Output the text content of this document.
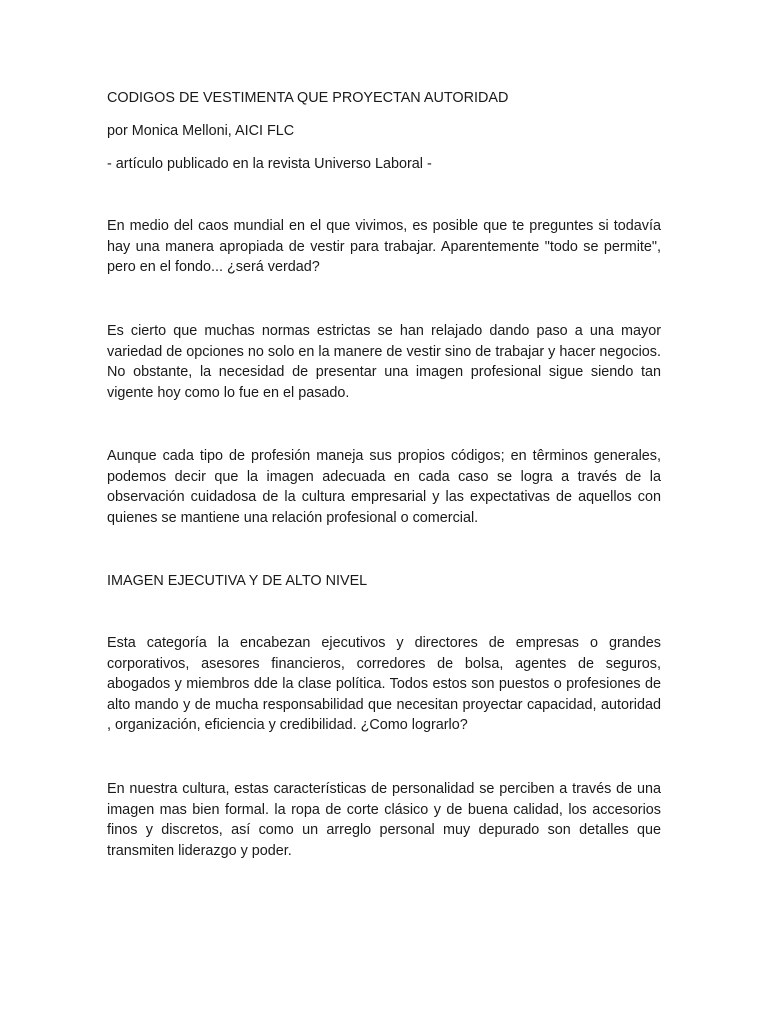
CODIGOS DE VESTIMENTA QUE PROYECTAN AUTORIDAD
por Monica Melloni, AICI FLC
- artículo publicado en la revista Universo Laboral -
En medio del caos mundial en el que vivimos, es posible que te preguntes si todavía hay una manera apropiada de vestir para trabajar. Aparentemente "todo se permite", pero en el fondo... ¿será verdad?
Es cierto que muchas normas estrictas se han relajado dando paso a una mayor variedad de opciones no solo en la manere de vestir sino de trabajar y hacer negocios. No obstante, la necesidad de presentar una imagen profesional sigue siendo tan vigente hoy como lo fue en el pasado.
Aunque cada tipo de profesión maneja sus propios códigos; en têrminos generales, podemos decir que la imagen adecuada en cada caso se logra a través de la observación cuidadosa de la cultura empresarial y las expectativas de aquellos con quienes se mantiene una relación profesional o comercial.
IMAGEN EJECUTIVA Y DE ALTO NIVEL
Esta categoría la encabezan ejecutivos y directores de empresas o grandes corporativos, asesores financieros, corredores de bolsa, agentes de seguros, abogados y miembros dde la clase política. Todos estos son puestos o profesiones de alto mando y de mucha responsabilidad que necesitan proyectar capacidad, autoridad , organización, eficiencia y credibilidad. ¿Como lograrlo?
En nuestra cultura, estas características de personalidad se perciben a través de una imagen mas bien formal. la ropa de corte clásico y de buena calidad, los accesorios finos y discretos, así como un arreglo personal muy depurado son detalles que transmiten liderazgo y poder.
